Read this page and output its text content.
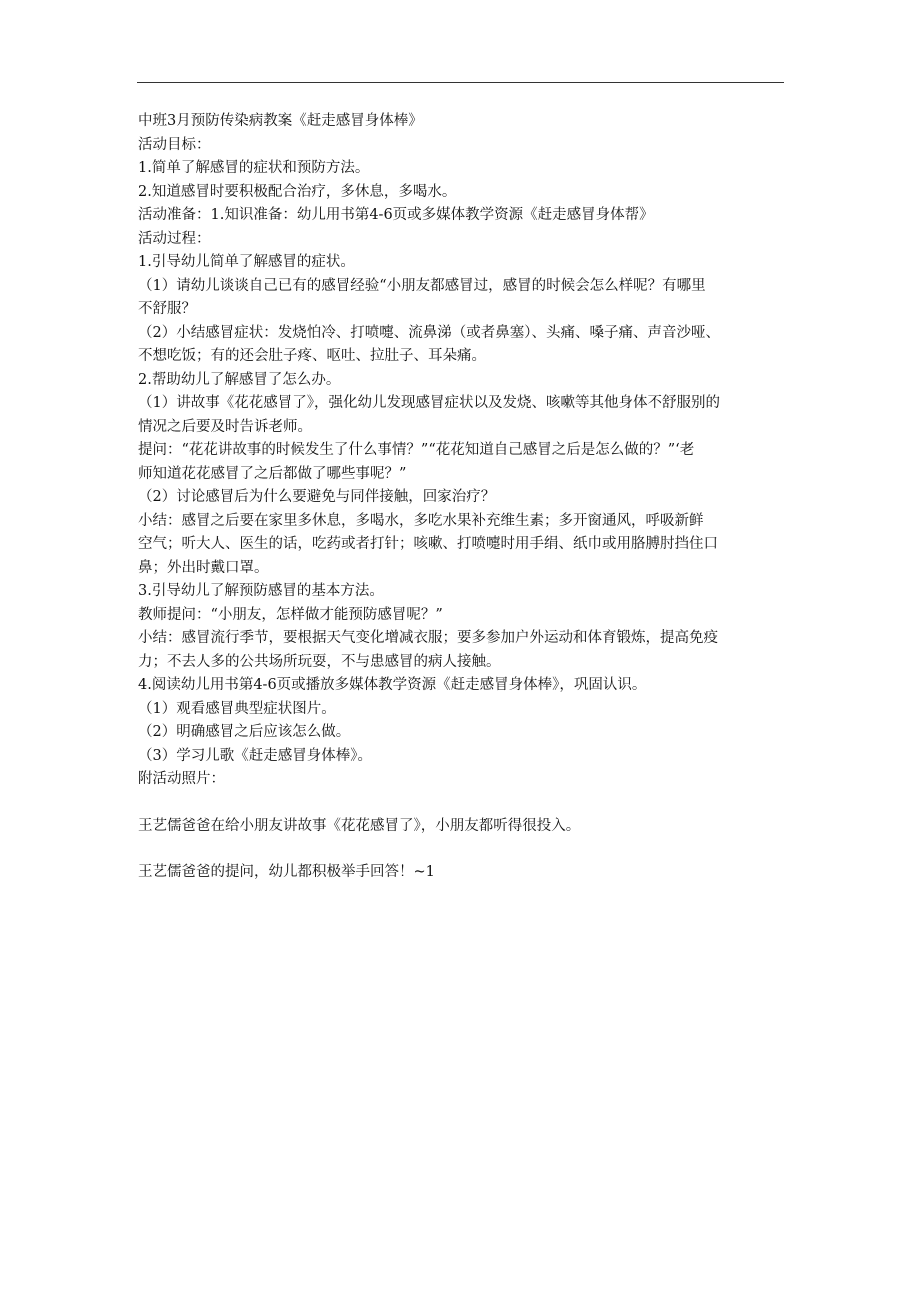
中班3月预防传染病教案《赶走感冒身体棒》

活动目标：

1.简单了解感冒的症状和预防方法。

2.知道感冒时要积极配合治疗，多休息，多喝水。

活动准备：1.知识准备：幼儿用书第4-6页或多媒体教学资源《赶走感冒身体帮》

活动过程：

1.引导幼儿简单了解感冒的症状。

（1）请幼儿谈谈自己已有的感冒经验“小朋友都感冒过，感冒的时候会怎么样呢？有哪里

不舒服？

（2）小结感冒症状：发烧怕冷、打喷嚏、流鼻涕（或者鼻塞）、头痛、嗓子痛、声音沙哑、

不想吃饭；有的还会肚子疼、呕吐、拉肚子、耳朵痛。

2.帮助幼儿了解感冒了怎么办。

（1）讲故事《花花感冒了》，强化幼儿发现感冒症状以及发烧、咳嗽等其他身体不舒服别的

情况之后要及时告诉老师。

提问：“花花讲故事的时候发生了什么事情？”“花花知道自己感冒之后是怎么做的？”‘老

师知道花花感冒了之后都做了哪些事呢？”

（2）讨论感冒后为什么要避免与同伴接触，回家治疗？

小结：感冒之后要在家里多休息，多喝水，多吃水果补充维生素；多开窗通风，呼吸新鲜

空气；听大人、医生的话，吃药或者打针；咳嗽、打喷嚏时用手绢、纸巾或用胳膊肘挡住口

鼻；外出时戴口罩。

3.引导幼儿了解预防感冒的基本方法。

教师提问：“小朋友，怎样做才能预防感冒呢？”

小结：感冒流行季节，要根据天气变化增减衣服；要多参加户外运动和体育锻炼，提高免疫

力；不去人多的公共场所玩耍，不与患感冒的病人接触。

4.阅读幼儿用书第4-6页或播放多媒体教学资源《赶走感冒身体棒》，巩固认识。

（1）观看感冒典型症状图片。

（2）明确感冒之后应该怎么做。

（3）学习儿歌《赶走感冒身体棒》。

附活动照片：

王艺儒爸爸在给小朋友讲故事《花花感冒了》，小朋友都听得很投入。

王艺儒爸爸的提问，幼儿都积极举手回答！~1
